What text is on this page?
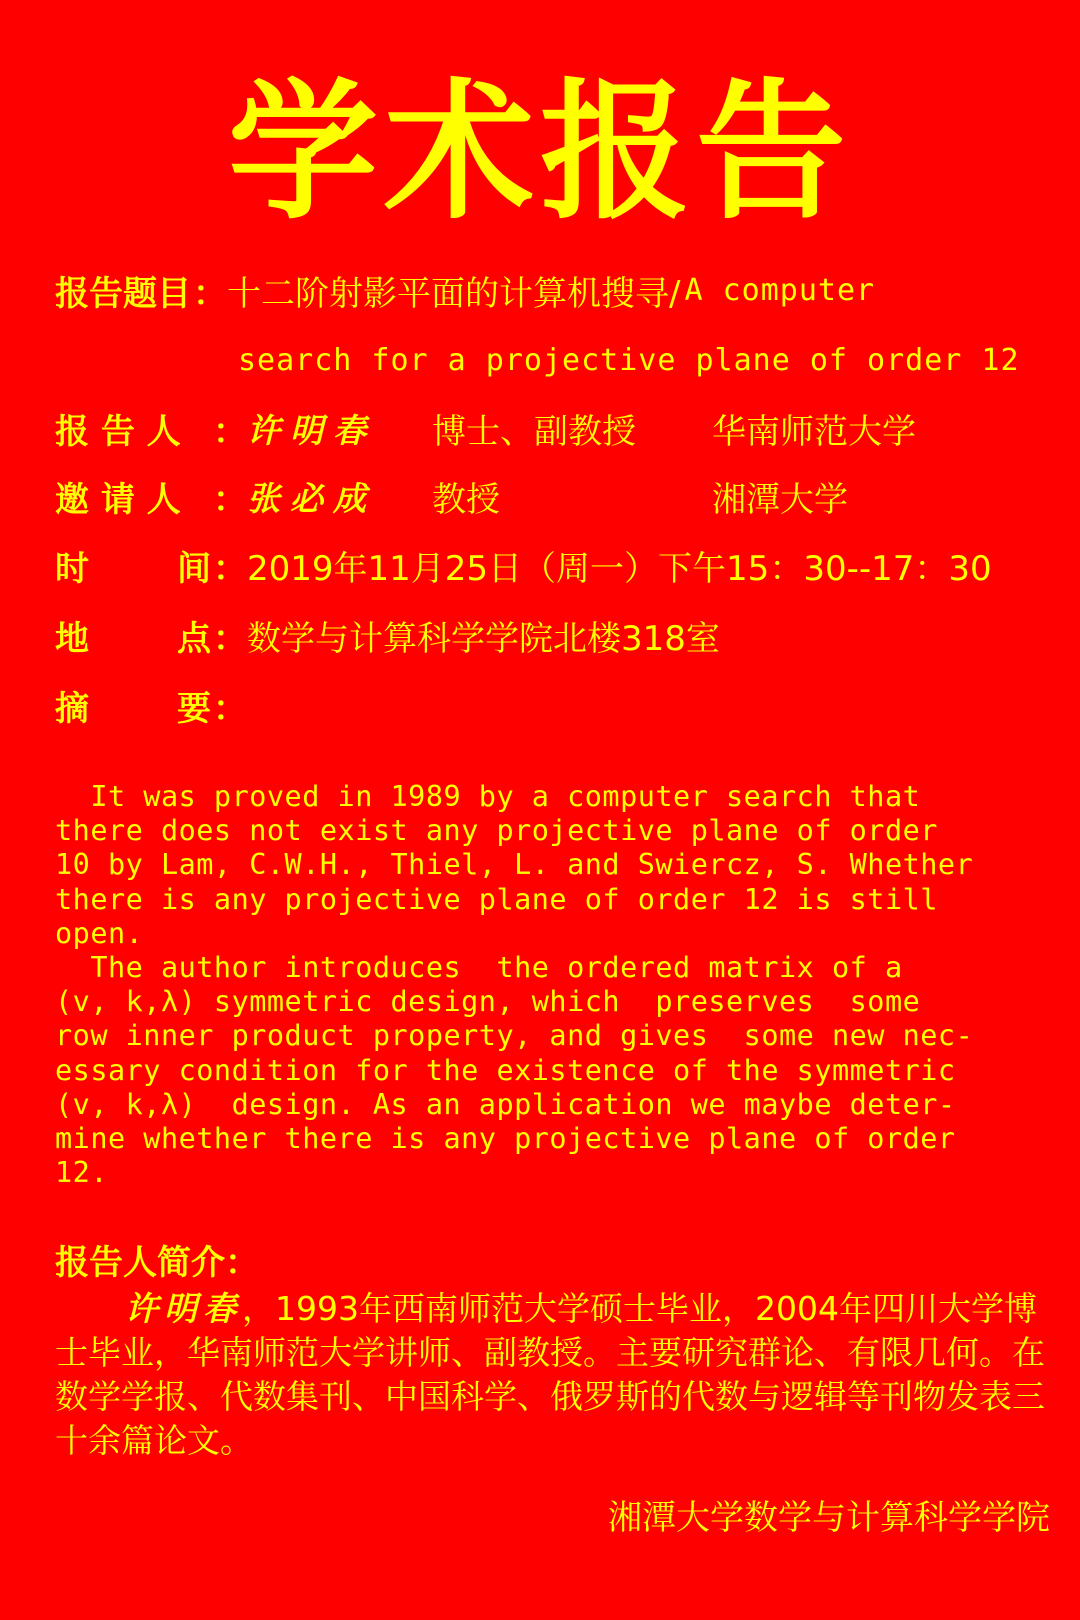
学术报告
报告题目 ： 十二阶射影平面的计算机搜寻/ A computer
search for a projective plane of order 12
报 告 人 ： 许明春	博士、副教授	华南师范大学
邀 请 人 ： 张必成	教授	湘潭大学
时	间： 2019年11月25日（周一）下午15：30--17：30
地	点： 数学与计算科学学院北楼318室
摘	要：

It was proved in 1989 by a computer search that

there does not exist any projective plane of order

10 by Lam, C.W.H., Thiel, L. and Swiercz, S. Whether

there is any projective plane of order 12 is still

open.

The author introduces  the ordered matrix of a

(v, k,λ) symmetric design, which  preserves  some

row inner product property, and gives  some new nec-

essary condition for the existence of the symmetric

(v, k,λ)  design. As an application we maybe deter-

mine whether there is any projective plane of order

12.

报告人简介：
许明春，1993年西南师范大学硕士毕业，2004年四川大学博士毕业，华南师范大学讲师、副教授。主要研究群论、有限几何。在数学学报、代数集刊、中国科学、俄罗斯的代数与逻辑等刊物发表三十余篇论文。
湘潭大学数学与计算科学学院
